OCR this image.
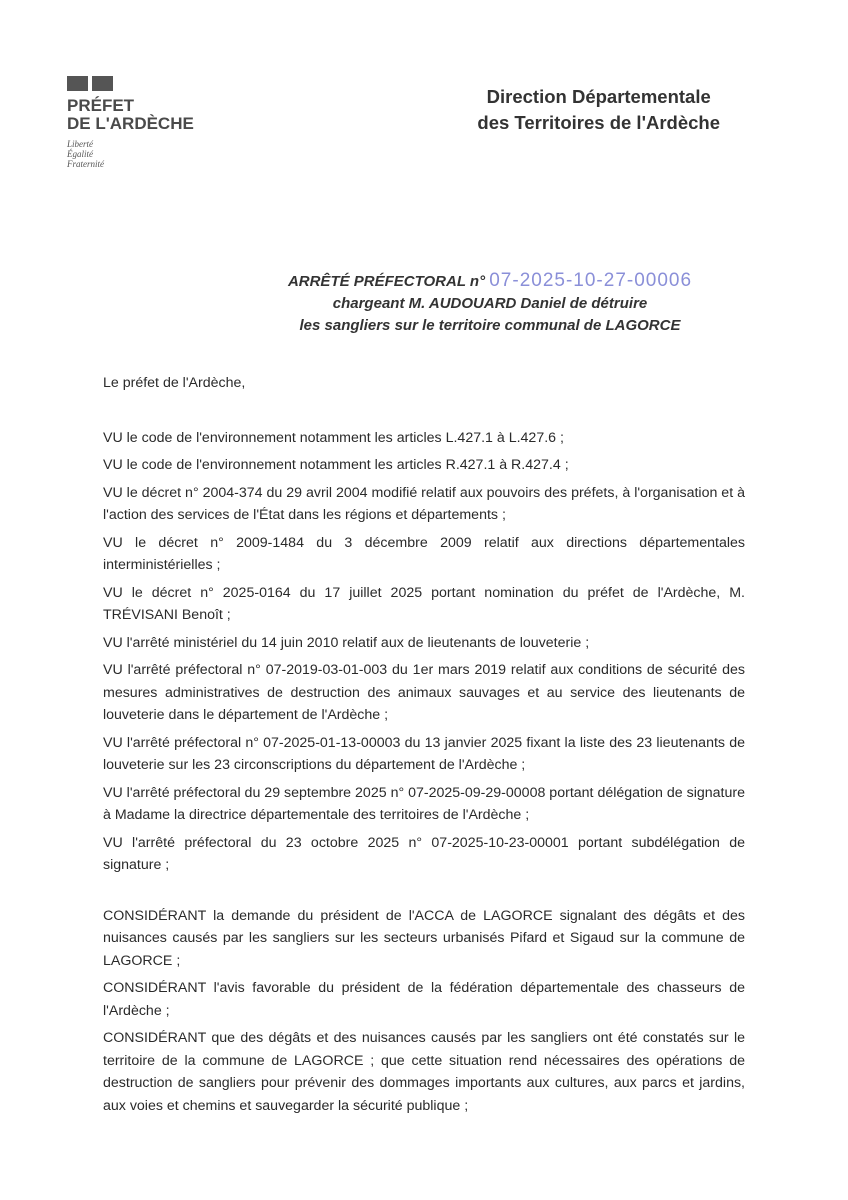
PRÉFET
DE L'ARDÈCHE
Liberté
Égalité
Fraternité
Direction Départementale
des Territoires de l'Ardèche
ARRÊTÉ PRÉFECTORAL n° 07-2025-10-27-00006
chargeant M. AUDOUARD Daniel de détruire
les sangliers sur le territoire communal de LAGORCE

Le préfet de l'Ardèche,

VU le code de l'environnement notamment les articles L.427.1 à L.427.6 ;

VU le code de l'environnement notamment les articles R.427.1 à R.427.4 ;

VU le décret n° 2004-374 du 29 avril 2004 modifié relatif aux pouvoirs des préfets, à l'organisation et à l'action des services de l'État dans les régions et départements ;

VU le décret n° 2009-1484 du 3 décembre 2009 relatif aux directions départementales interministérielles ;

VU le décret n° 2025-0164 du 17 juillet 2025 portant nomination du préfet de l'Ardèche, M. TRÉVISANI Benoît ;

VU l'arrêté ministériel du 14 juin 2010 relatif aux de lieutenants de louveterie ;

VU l'arrêté préfectoral n° 07-2019-03-01-003 du 1er mars 2019 relatif aux conditions de sécurité des mesures administratives de destruction des animaux sauvages et au service des lieutenants de louveterie dans le département de l'Ardèche ;

VU l'arrêté préfectoral n° 07-2025-01-13-00003 du 13 janvier 2025 fixant la liste des 23 lieutenants de louveterie sur les 23 circonscriptions du département de l'Ardèche ;

VU l'arrêté préfectoral du 29 septembre 2025 n° 07-2025-09-29-00008 portant délégation de signature à Madame la directrice départementale des territoires de l'Ardèche ;

VU l'arrêté préfectoral du 23 octobre 2025 n° 07-2025-10-23-00001 portant subdélégation de signature ;

CONSIDÉRANT la demande du président de l'ACCA de LAGORCE signalant des dégâts et des nuisances causés par les sangliers sur les secteurs urbanisés Pifard et Sigaud sur la commune de LAGORCE ;

CONSIDÉRANT l'avis favorable du président de la fédération départementale des chasseurs de l'Ardèche ;

CONSIDÉRANT que des dégâts et des nuisances causés par les sangliers ont été constatés sur le territoire de la commune de LAGORCE ; que cette situation rend nécessaires des opérations de destruction de sangliers pour prévenir des dommages importants aux cultures, aux parcs et jardins, aux voies et chemins et sauvegarder la sécurité publique ;
